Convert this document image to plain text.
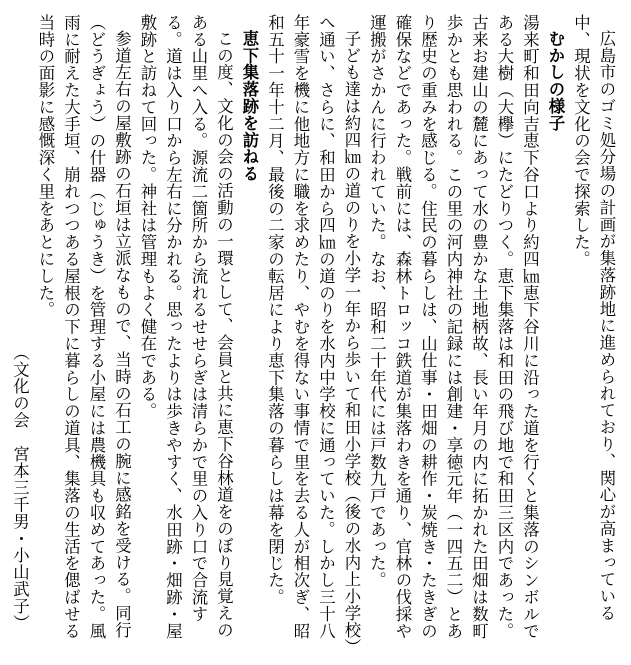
広島市のゴミ処分場の計画が集落跡地に進められており、関心が高まっている中、現状を文化の会で探索した。

むかしの様子

湯来町和田向吉恵下谷口より約四㎞恵下谷川に沿った道を行くと集落のシンボルである大樹（大欅）にたどりつく。恵下集落は和田の飛び地で和田三区内であった。古来お建山の麓にあって水の豊かな土地柄故、長い年月の内に拓かれた田畑は数町歩かとも思われる。この里の河内神社の記録には創建・享徳元年（一四五二）とあり歴史の重みを感じる。住民の暮らしは、山仕事・田畑の耕作・炭焼き・たきぎの確保などであった。戦前には、森林トロッコ鉄道が集落わきを通り、官林の伐採や運搬がさかんに行われていた。なお、昭和二十年代には戸数九戸であった。

子ども達は約四㎞の道のりを小学一年から歩いて和田小学校（後の水内上小学校）へ通い、さらに、和田から四㎞の道のりを水内中学校に通っていた。しかし三十八年豪雪を機に他地方に職を求めたり、やむを得ない事情で里を去る人が相次ぎ、昭和五十一年十二月、最後の二家の転居により恵下集落の暮らしは幕を閉じた。

恵下集落跡を訪ねる

この度、文化の会の活動の一環として、会員と共に恵下谷林道をのぼり見覚えのある山里へ入る。源流二箇所から流れるせせらぎは清らかで里の入り口で合流する。道は入り口から左右に分かれる。思ったよりは歩きやすく、水田跡・畑跡・屋敷跡と訪ねて回った。神社は管理もよく健在である。

参道左右の屋敷跡の石垣は立派なもので、当時の石工の腕に感銘を受ける。同行（どうぎょう）の什器（じゅうき）を管理する小屋には農機具も収めてあった。風雨に耐えた大手垣、崩れつつある屋根の下に暮らしの道具、集落の生活を偲ばせる当時の面影に感慨深く里をあとにした。

（文化の会　宮本三千男・小山武子）
